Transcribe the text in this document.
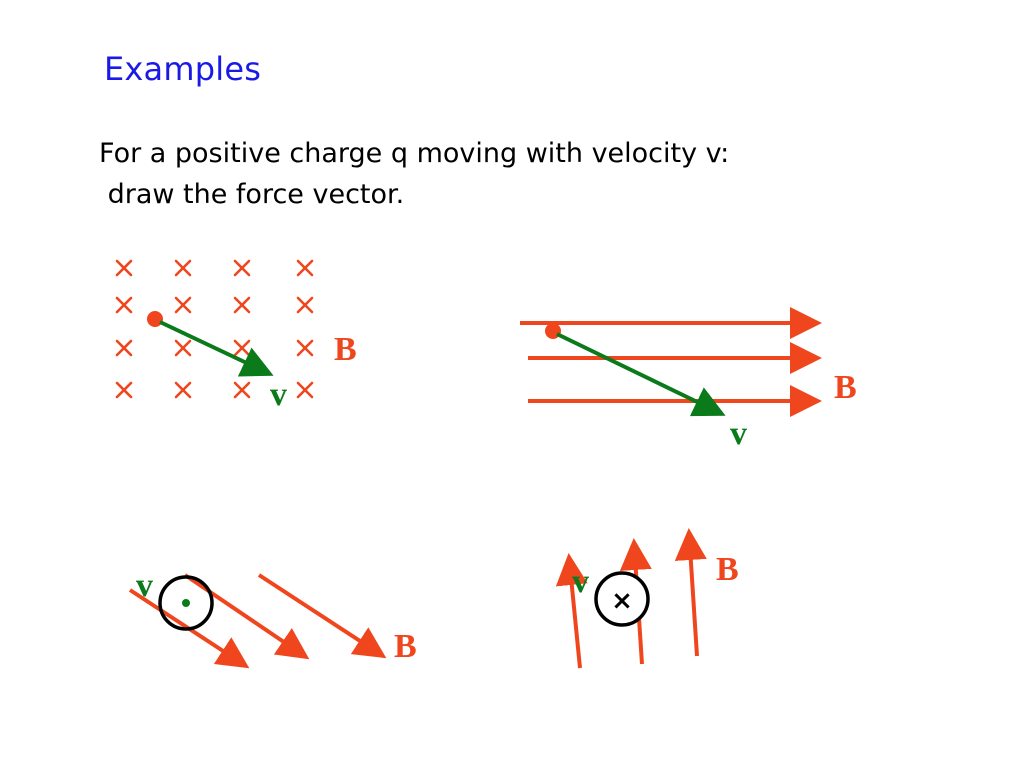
Examples
For a positive charge q moving with velocity v:
draw the force vector.
v
B
v
B
v
B
×
v	B
